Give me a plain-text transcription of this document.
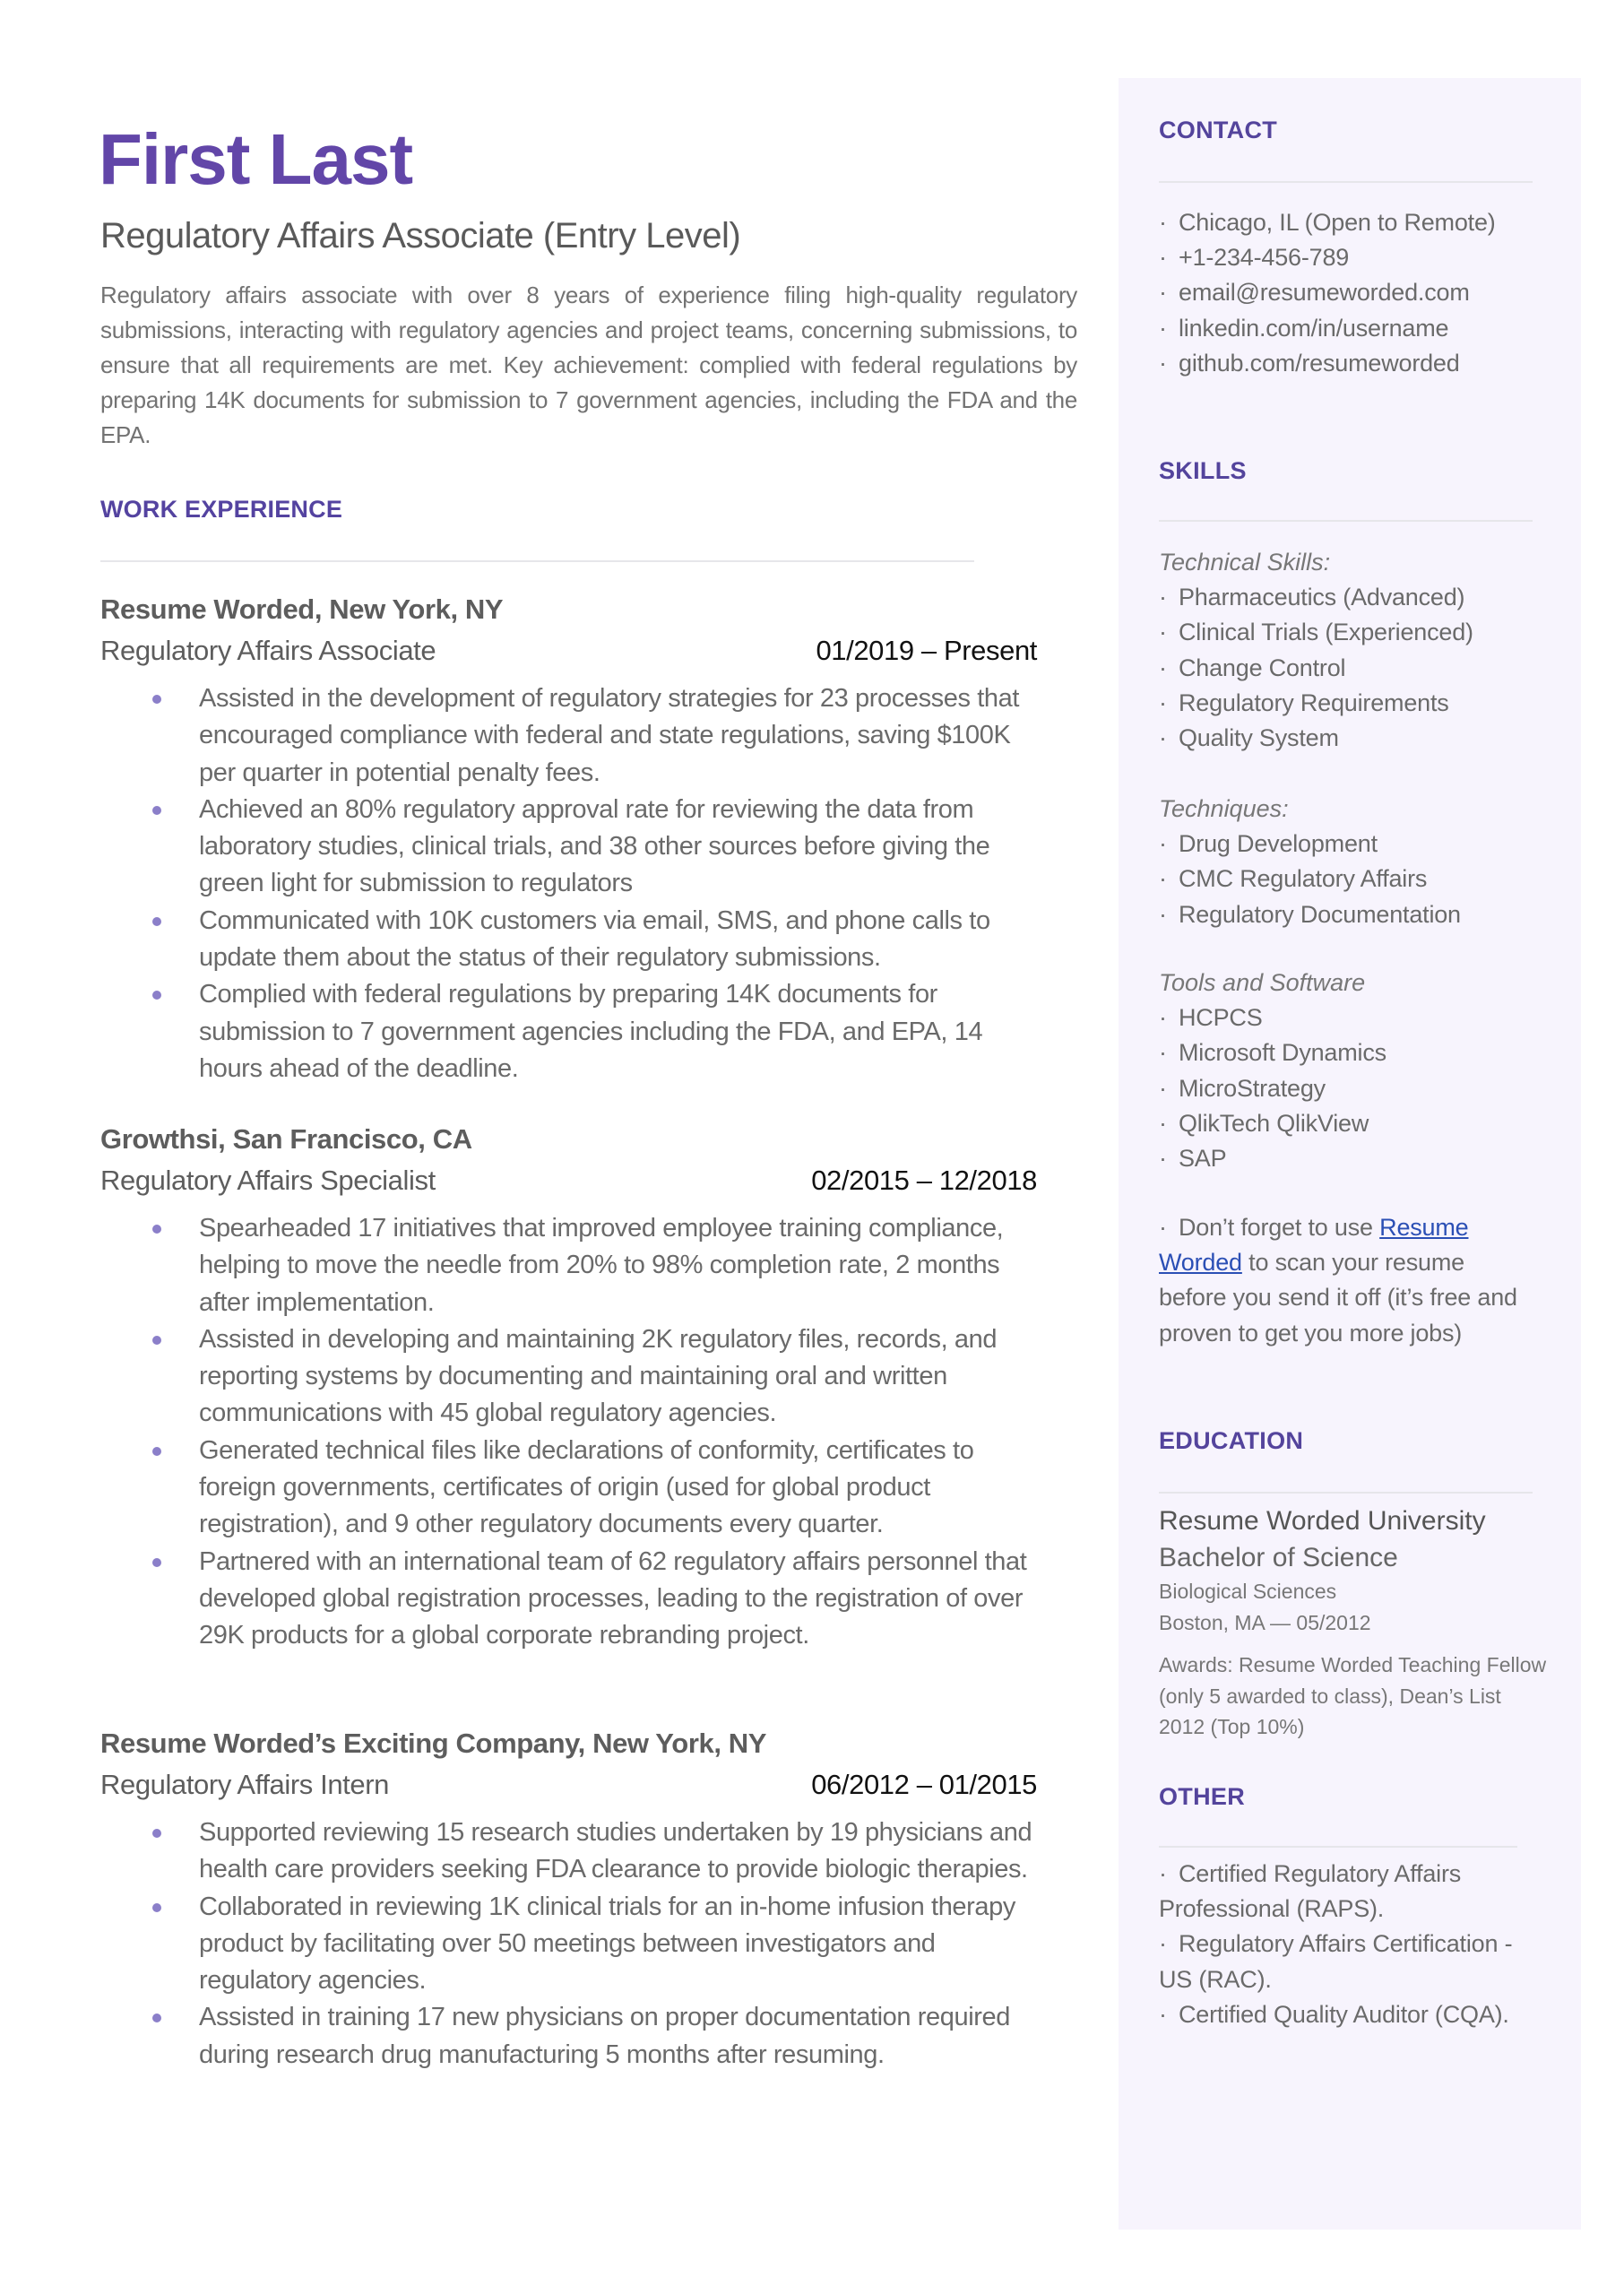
First Last
Regulatory Affairs Associate (Entry Level)
Regulatory affairs associate with over 8 years of experience filing high-quality regulatory submissions, interacting with regulatory agencies and project teams, concerning submissions, to ensure that all requirements are met. Key achievement: complied with federal regulations by preparing 14K documents for submission to 7 government agencies, including the FDA and the EPA.
WORK EXPERIENCE
Resume Worded, New York, NY
Regulatory Affairs Associate	01/2019 – Present
Assisted in the development of regulatory strategies for 23 processes that encouraged compliance with federal and state regulations, saving $100K per quarter in potential penalty fees.
Achieved an 80% regulatory approval rate for reviewing the data from laboratory studies, clinical trials, and 38 other sources before giving the green light for submission to regulators
Communicated with 10K customers via email, SMS, and phone calls to update them about the status of their regulatory submissions.
Complied with federal regulations by preparing 14K documents for submission to 7 government agencies including the FDA, and EPA, 14 hours ahead of the deadline.
Growthsi, San Francisco, CA
Regulatory Affairs Specialist	02/2015 – 12/2018
Spearheaded 17 initiatives that improved employee training compliance, helping to move the needle from 20% to 98% completion rate, 2 months after implementation.
Assisted in developing and maintaining 2K regulatory files, records, and reporting systems by documenting and maintaining oral and written communications with 45 global regulatory agencies.
Generated technical files like declarations of conformity, certificates to foreign governments, certificates of origin (used for global product registration), and 9 other regulatory documents every quarter.
Partnered with an international team of 62 regulatory affairs personnel that developed global registration processes, leading to the registration of over 29K products for a global corporate rebranding project.
Resume Worded’s Exciting Company, New York, NY
Regulatory Affairs Intern	06/2012 – 01/2015
Supported reviewing 15 research studies undertaken by 19 physicians and health care providers seeking FDA clearance to provide biologic therapies.
Collaborated in reviewing 1K clinical trials for an in-home infusion therapy product by facilitating over 50 meetings between investigators and regulatory agencies.
Assisted in training 17 new physicians on proper documentation required during research drug manufacturing 5 months after resuming.
CONTACT
· Chicago, IL (Open to Remote)
· +1-234-456-789
· email@resumeworded.com
· linkedin.com/in/username
· github.com/resumeworded
SKILLS
Technical Skills:
· Pharmaceutics (Advanced)
· Clinical Trials (Experienced)
· Change Control
· Regulatory Requirements
· Quality System
Techniques:
· Drug Development
· CMC Regulatory Affairs
· Regulatory Documentation
Tools and Software
· HCPCS
· Microsoft Dynamics
· MicroStrategy
· QlikTech QlikView
· SAP
· Don’t forget to use Resume Worded to scan your resume before you send it off (it’s free and proven to get you more jobs)
EDUCATION
Resume Worded University
Bachelor of Science
Biological Sciences
Boston, MA — 05/2012
Awards: Resume Worded Teaching Fellow (only 5 awarded to class), Dean’s List 2012 (Top 10%)
OTHER
· Certified Regulatory Affairs Professional (RAPS).
· Regulatory Affairs Certification - US (RAC).
· Certified Quality Auditor (CQA).
